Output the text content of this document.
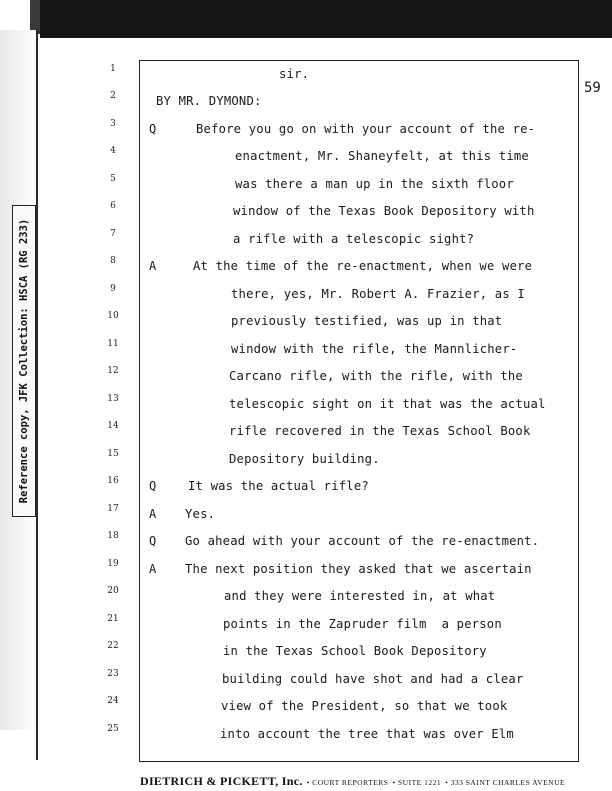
Reference copy, JFK Collection: HSCA (RG 233)
59
1
2
3
4
5
6
7
8
9
10
11
12
13
14
15
16
17
18
19
20
21
22
23
24
25
sir.
BY MR. DYMOND:
Q	Before you go on with your account of the re-
enactment, Mr. Shaneyfelt, at this time
was there a man up in the sixth floor
window of the Texas Book Depository with
a rifle with a telescopic sight?
A	At the time of the re-enactment, when we were
there, yes, Mr. Robert A. Frazier, as I
previously testified, was up in that
window with the rifle, the Mannlicher-
Carcano rifle, with the rifle, with the
telescopic sight on it that was the actual
rifle recovered in the Texas School Book
Depository building.
Q	It was the actual rifle?
A Yes.
Q Go ahead with your account of the re-enactment.
A The next position they asked that we ascertain
and they were interested in, at what
points in the Zapruder film  a person
in the Texas School Book Depository
building could have shot and had a clear
view of the President, so that we took
into account the tree that was over Elm
DIETRICH & PICKETT, Inc. • COURT REPORTERS • SUITE 1221 • 333 SAINT CHARLES AVENUE
